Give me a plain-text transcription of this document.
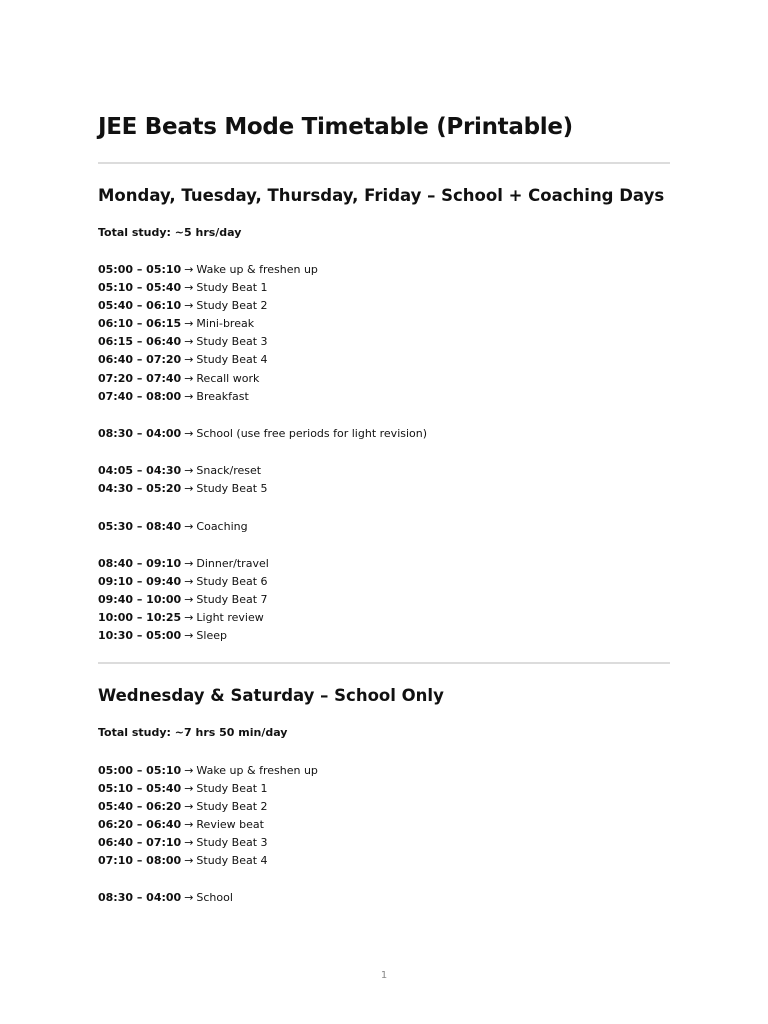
JEE Beats Mode Timetable (Printable)
Monday, Tuesday, Thursday, Friday – School + Coaching Days
Total study: ~5 hrs/day
05:00 – 05:10 → Wake up & freshen up
05:10 – 05:40 → Study Beat 1
05:40 – 06:10 → Study Beat 2
06:10 – 06:15 → Mini-break
06:15 – 06:40 → Study Beat 3
06:40 – 07:20 → Study Beat 4
07:20 – 07:40 → Recall work
07:40 – 08:00 → Breakfast
08:30 – 04:00 → School (use free periods for light revision)
04:05 – 04:30 → Snack/reset
04:30 – 05:20 → Study Beat 5
05:30 – 08:40 → Coaching
08:40 – 09:10 → Dinner/travel
09:10 – 09:40 → Study Beat 6
09:40 – 10:00 → Study Beat 7
10:00 – 10:25 → Light review
10:30 – 05:00 → Sleep
Wednesday & Saturday – School Only
Total study: ~7 hrs 50 min/day
05:00 – 05:10 → Wake up & freshen up
05:10 – 05:40 → Study Beat 1
05:40 – 06:20 → Study Beat 2
06:20 – 06:40 → Review beat
06:40 – 07:10 → Study Beat 3
07:10 – 08:00 → Study Beat 4
08:30 – 04:00 → School
1
